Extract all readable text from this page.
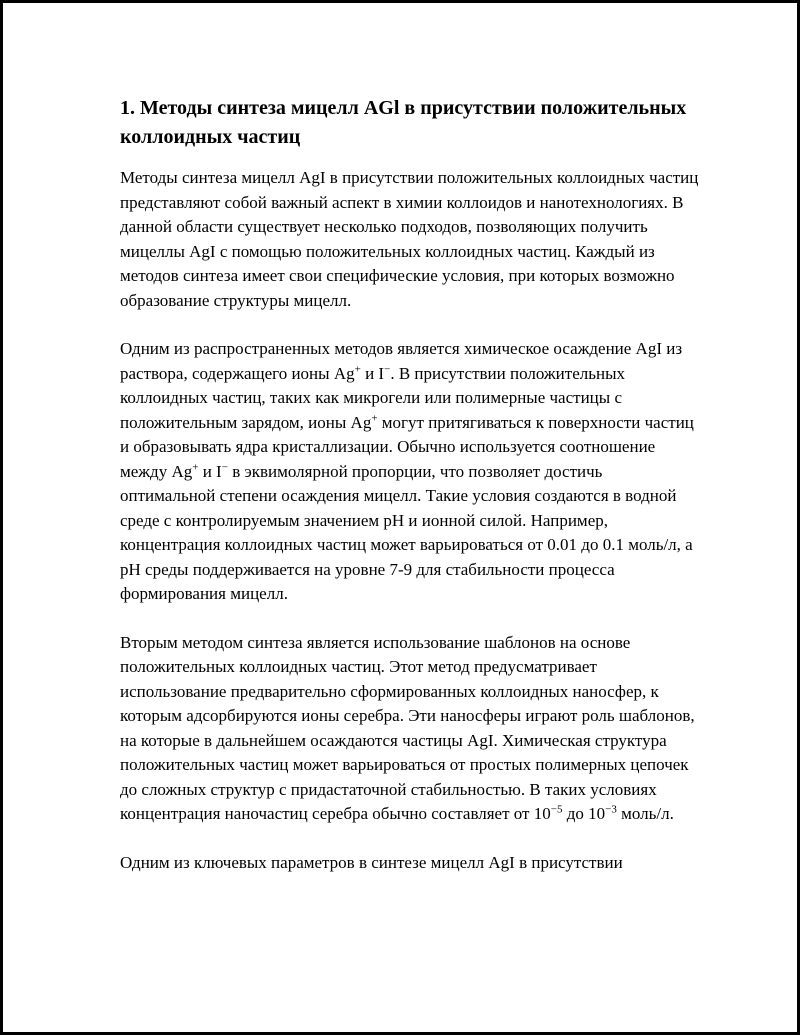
1. Методы синтеза мицелл AGl в присутствии положительных коллоидных частиц

Методы синтеза мицелл AgI в присутствии положительных коллоидных частиц представляют собой важный аспект в химии коллоидов и нанотехнологиях. В данной области существует несколько подходов, позволяющих получить мицеллы AgI с помощью положительных коллоидных частиц. Каждый из методов синтеза имеет свои специфические условия, при которых возможно образование структуры мицелл.

Одним из распространенных методов является химическое осаждение AgI из раствора, содержащего ионы Ag+ и I−. В присутствии положительных коллоидных частиц, таких как микрогели или полимерные частицы с положительным зарядом, ионы Ag+ могут притягиваться к поверхности частиц и образовывать ядра кристаллизации. Обычно используется соотношение между Ag+ и I− в эквимолярной пропорции, что позволяет достичь оптимальной степени осаждения мицелл. Такие условия создаются в водной среде с контролируемым значением pH и ионной силой. Например, концентрация коллоидных частиц может варьироваться от 0.01 до 0.1 моль/л, а pH среды поддерживается на уровне 7-9 для стабильности процесса формирования мицелл.

Вторым методом синтеза является использование шаблонов на основе положительных коллоидных частиц. Этот метод предусматривает использование предварительно сформированных коллоидных наносфер, к которым адсорбируются ионы серебра. Эти наносферы играют роль шаблонов, на которые в дальнейшем осаждаются частицы AgI. Химическая структура положительных частиц может варьироваться от простых полимерных цепочек до сложных структур с придастаточной стабильностью. В таких условиях концентрация наночастиц серебра обычно составляет от $10^{-5}$ до $10^{-3}$ моль/л.

Одним из ключевых параметров в синтезе мицелл AgI в присутствии
